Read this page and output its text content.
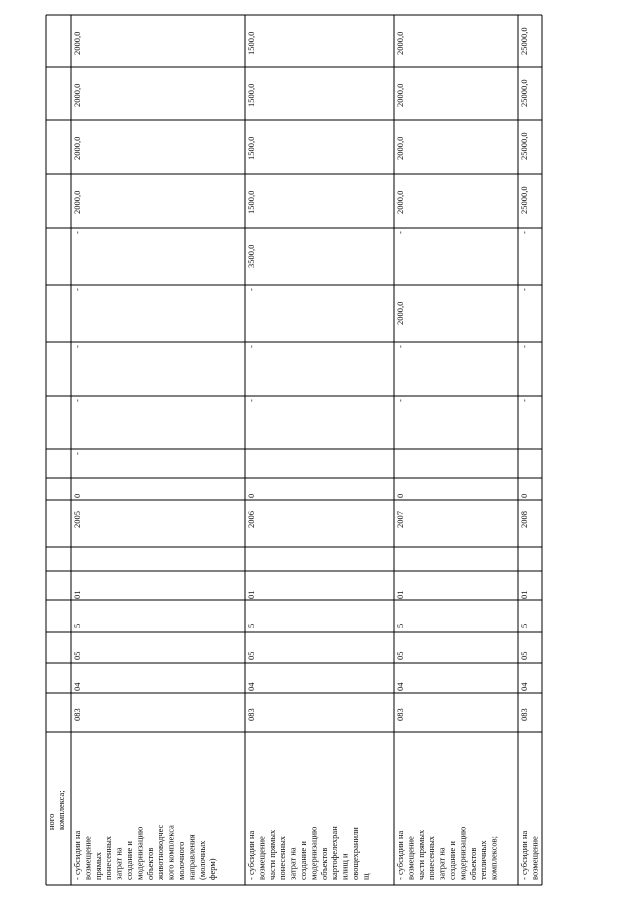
ного комплекса;
- субсидии на возмещение прямых понесенных затрат на создание и модернизацию объектов животноводчес кого комплекса молочного направления (молочных ферм)
083
04
05
5
01
2005
0
-
-
-
-
-
2000,0
2000,0
2000,0
2000,0
- субсидии на возмещение части прямых понесенных затрат на создание и модернизацию объектов картофелехран илищ и овощехранили щ
083
04
05
5
01
2006
0
-
-
-
3500,0
1500,0
1500,0
1500,0
1500,0
- субсидии на возмещение части прямых понесенных затрат на создание и модернизацию объектов тепличных комплексов;
083
04
05
5
01
2007
0
-
-
2000,0
-
2000,0
2000,0
2000,0
2000,0
- субсидии на возмещение
083
04
05
5
01
2008
0
-
-
-
-
25000,0
25000,0
25000,0
25000,0
